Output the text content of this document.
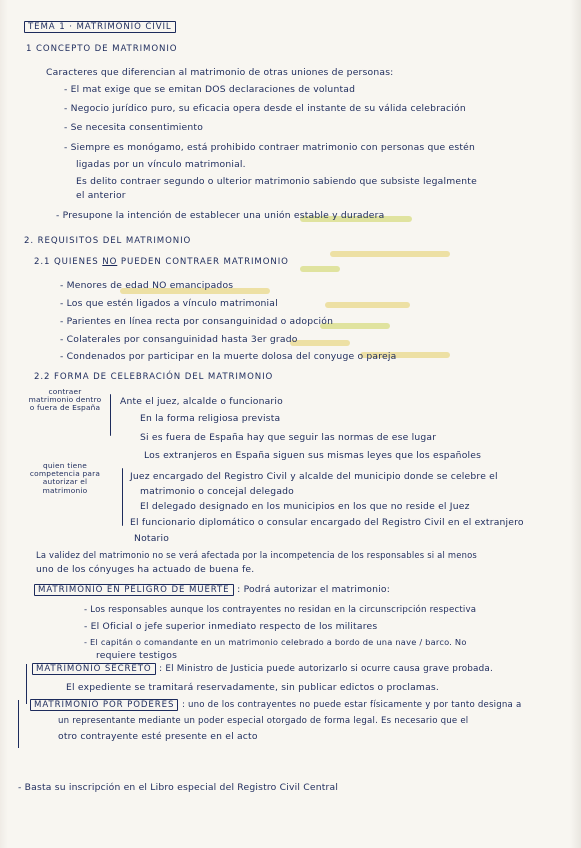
TEMA 1 · MATRIMONIO CIVIL
1 CONCEPTO DE MATRIMONIO
Caracteres que diferencian al matrimonio de otras uniones de personas:
- El mat exige que se emitan DOS declaraciones de voluntad
- Negocio jurídico puro, su eficacia opera desde el instante de su válida celebración
- Se necesita consentimiento
- Siempre es monógamo, está prohibido contraer matrimonio con personas que estén
ligadas por un vínculo matrimonial.
Es delito contraer segundo o ulterior matrimonio sabiendo que subsiste legalmente
el anterior
- Presupone la intención de establecer una unión estable y duradera
2. REQUISITOS DEL MATRIMONIO
2.1 QUIENES NO PUEDEN CONTRAER MATRIMONIO
- Menores de edad NO emancipados
- Los que estén ligados a vínculo matrimonial
- Parientes en línea recta por consanguinidad o adopción
- Colaterales por consanguinidad hasta 3er grado
- Condenados por participar en la muerte dolosa del conyuge o pareja
2.2 FORMA DE CELEBRACIÓN DEL MATRIMONIO
contraer matrimonio dentro o fuera de España
Ante el juez, alcalde o funcionario
En la forma religiosa prevista
Si es fuera de España hay que seguir las normas de ese lugar
Los extranjeros en España siguen sus mismas leyes que los españoles
quien tiene competencia para autorizar el matrimonio
Juez encargado del Registro Civil y alcalde del municipio donde se celebre el
matrimonio o concejal delegado
El delegado designado en los municipios en los que no reside el Juez
El funcionario diplomático o consular encargado del Registro Civil en el extranjero
Notario
La validez del matrimonio no se verá afectada por la incompetencia de los responsables si al menos
uno de los cónyuges ha actuado de buena fe.
MATRIMONIO EN PELIGRO DE MUERTE : Podrá autorizar el matrimonio:
- Los responsables aunque los contrayentes no residan en la circunscripción respectiva
- El Oficial o jefe superior inmediato respecto de los militares
- El capitán o comandante en un matrimonio celebrado a bordo de una nave / barco. No
requiere testigos
MATRIMONIO SECRETO : El Ministro de Justicia puede autorizarlo si ocurre causa grave probada.
El expediente se tramitará reservadamente, sin publicar edictos o proclamas.
MATRIMONIO POR PODERES : uno de los contrayentes no puede estar físicamente y por tanto designa a
un representante mediante un poder especial otorgado de forma legal. Es necesario que el
otro contrayente esté presente en el acto
- Basta su inscripción en el Libro especial del Registro Civil Central
